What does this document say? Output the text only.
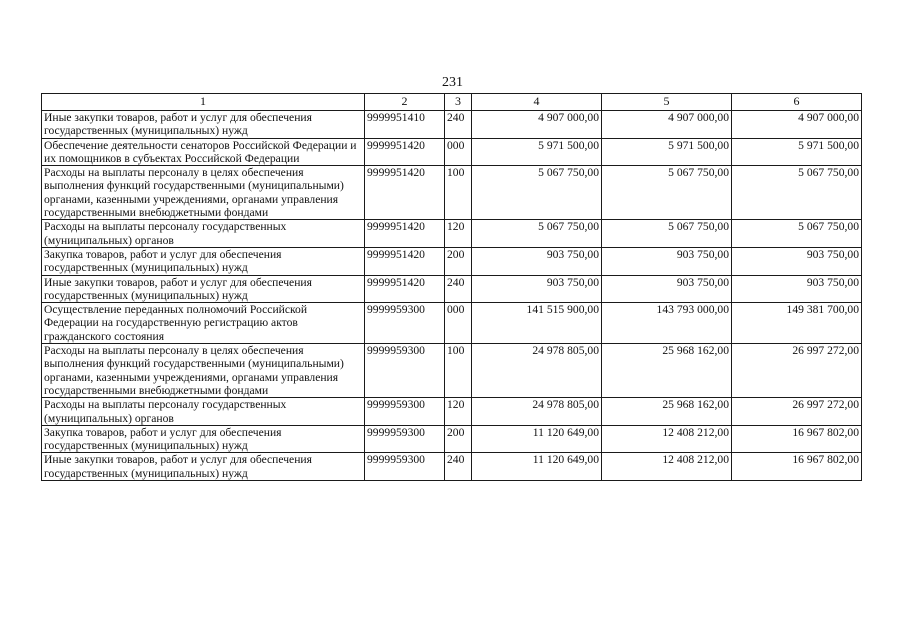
231
1	2	3	4	5	6
Иные закупки товаров, работ и услуг для обеспечения государственных (муниципальных) нужд	9999951410	240	4 907 000,00	4 907 000,00	4 907 000,00
Обеспечение деятельности сенаторов Российской Федерации и их помощников в субъектах Российской Федерации	9999951420	000	5 971 500,00	5 971 500,00	5 971 500,00
Расходы на выплаты персоналу в целях обеспечения выполнения функций государственными (муниципальными) органами, казенными учреждениями, органами управления государственными внебюджетными фондами	9999951420	100	5 067 750,00	5 067 750,00	5 067 750,00
Расходы на выплаты персоналу государственных (муниципальных) органов	9999951420	120	5 067 750,00	5 067 750,00	5 067 750,00
Закупка товаров, работ и услуг для обеспечения государственных (муниципальных) нужд	9999951420	200	903 750,00	903 750,00	903 750,00
Иные закупки товаров, работ и услуг для обеспечения государственных (муниципальных) нужд	9999951420	240	903 750,00	903 750,00	903 750,00
Осуществление переданных полномочий Российской Федерации на государственную регистрацию актов гражданского состояния	9999959300	000	141 515 900,00	143 793 000,00	149 381 700,00
Расходы на выплаты персоналу в целях обеспечения выполнения функций государственными (муниципальными) органами, казенными учреждениями, органами управления государственными внебюджетными фондами	9999959300	100	24 978 805,00	25 968 162,00	26 997 272,00
Расходы на выплаты персоналу государственных (муниципальных) органов	9999959300	120	24 978 805,00	25 968 162,00	26 997 272,00
Закупка товаров, работ и услуг для обеспечения государственных (муниципальных) нужд	9999959300	200	11 120 649,00	12 408 212,00	16 967 802,00
Иные закупки товаров, работ и услуг для обеспечения государственных (муниципальных) нужд	9999959300	240	11 120 649,00	12 408 212,00	16 967 802,00
